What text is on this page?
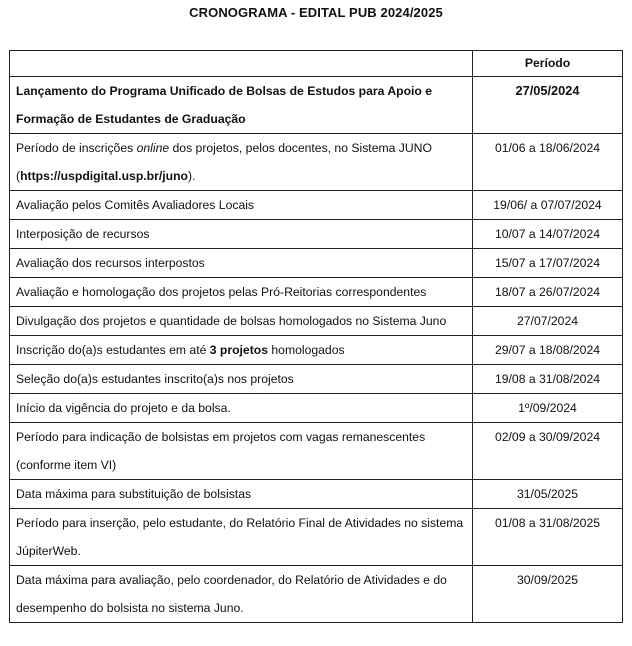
CRONOGRAMA - EDITAL PUB 2024/2025
	Período
Lançamento do Programa Unificado de Bolsas de Estudos para Apoio e Formação de Estudantes de Graduação	27/05/2024
Período de inscrições online dos projetos, pelos docentes, no Sistema JUNO (https://uspdigital.usp.br/juno).	01/06 a 18/06/2024
Avaliação pelos Comitês Avaliadores Locais	19/06/ a 07/07/2024
Interposição de recursos	10/07 a 14/07/2024
Avaliação dos recursos interpostos	15/07 a 17/07/2024
Avaliação e homologação dos projetos pelas Pró-Reitorias correspondentes	18/07 a 26/07/2024
Divulgação dos projetos e quantidade de bolsas homologados no Sistema Juno	27/07/2024
Inscrição do(a)s estudantes em até 3 projetos homologados	29/07 a 18/08/2024
Seleção do(a)s estudantes inscrito(a)s nos projetos	19/08 a 31/08/2024
Início da vigência do projeto e da bolsa.	1º/09/2024
Período para indicação de bolsistas em projetos com vagas remanescentes (conforme item VI)	02/09 a 30/09/2024
Data máxima para substituição de bolsistas	31/05/2025
Período para inserção, pelo estudante, do Relatório Final de Atividades no sistema JúpiterWeb.	01/08 a 31/08/2025
Data máxima para avaliação, pelo coordenador, do Relatório de Atividades e do desempenho do bolsista no sistema Juno.	30/09/2025
